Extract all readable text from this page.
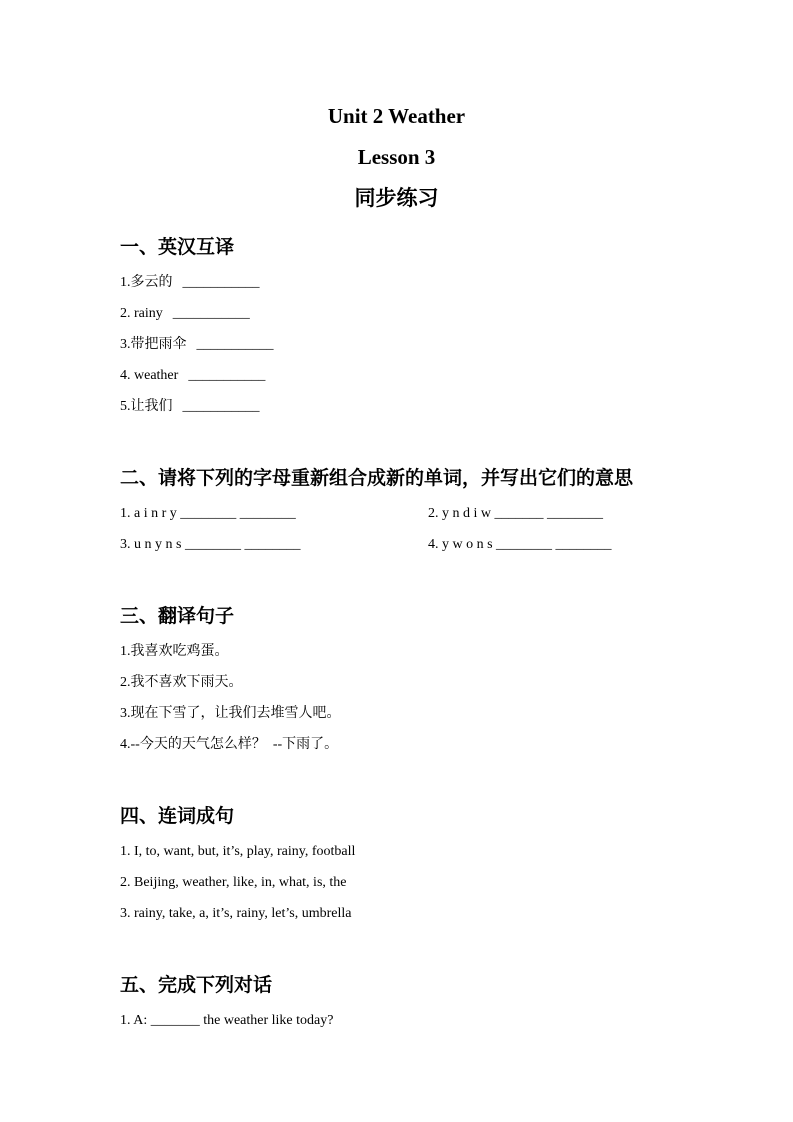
Unit 2 Weather
Lesson 3
同步练习
一、英汉互译

1.多云的 ___________

2. rainy ___________

3.带把雨伞 ___________

4. weather ___________

5.让我们 ___________

二、请将下列的字母重新组合成新的单词，并写出它们的意思

1. a i n r y ________ ________	2. y n d i w _______ ________

3. u n y n s ________ ________	4. y w o n s ________ ________

三、翻译句子

1.我喜欢吃鸡蛋。

2.我不喜欢下雨天。

3.现在下雪了，让我们去堆雪人吧。

4.--今天的天气怎么样？  --下雨了。

四、连词成句

1. I, to, want, but, it’s, play, rainy, football

2. Beijing, weather, like, in, what, is, the

3. rainy, take, a, it’s, rainy, let’s, umbrella

五、完成下列对话

1. A: _______ the weather like today?
